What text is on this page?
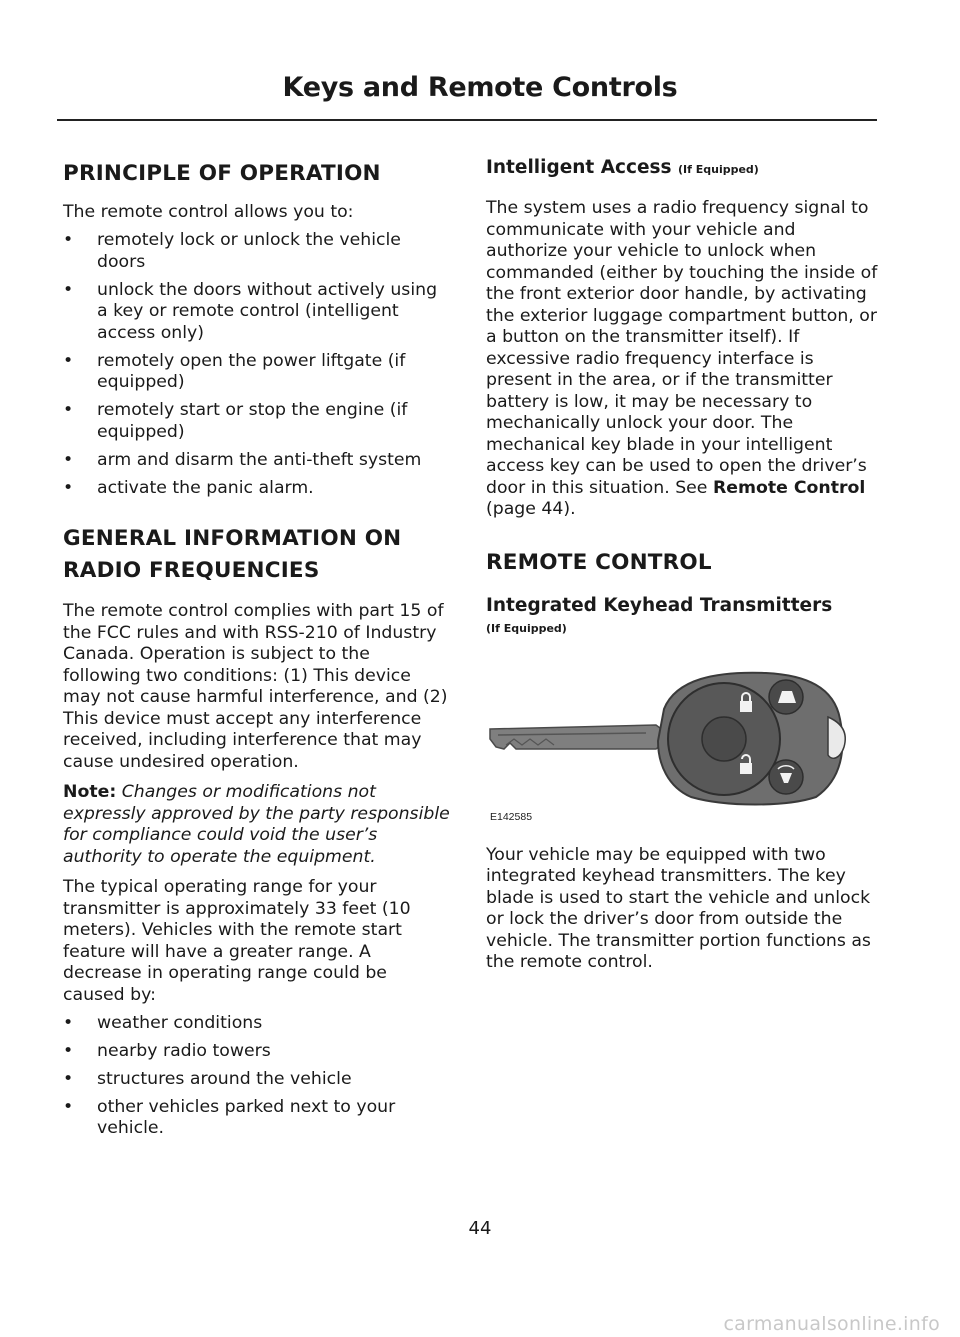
Keys and Remote Controls
PRINCIPLE OF OPERATION

The remote control allows you to:

• remotely lock or unlock the vehicle doors
• unlock the doors without actively using a key or remote control (intelligent access only)
• remotely open the power liftgate (if equipped)
• remotely start or stop the engine (if equipped)
• arm and disarm the anti-theft system
• activate the panic alarm.
GENERAL INFORMATION ON
RADIO FREQUENCIES

The remote control complies with part 15 of the FCC rules and with RSS-210 of Industry Canada. Operation is subject to the following two conditions: (1) This device may not cause harmful interference, and (2) This device must accept any interference received, including interference that may cause undesired operation.

Note: Changes or modifications not expressly approved by the party responsible for compliance could void the user’s authority to operate the equipment.

The typical operating range for your transmitter is approximately 33 feet (10 meters). Vehicles with the remote start feature will have a greater range. A decrease in operating range could be caused by:

• weather conditions
• nearby radio towers
• structures around the vehicle
• other vehicles parked next to your vehicle.
Intelligent Access (If Equipped)

The system uses a radio frequency signal to communicate with your vehicle and authorize your vehicle to unlock when commanded (either by touching the inside of the front exterior door handle, by activating the exterior luggage compartment button, or a button on the transmitter itself). If excessive radio frequency interface is present in the area, or if the transmitter battery is low, it may be necessary to mechanically unlock your door. The mechanical key blade in your intelligent access key can be used to open the driver’s door in this situation. See Remote Control (page 44).

REMOTE CONTROL
Integrated Keyhead Transmitters
(If Equipped)
E142585

Your vehicle may be equipped with two integrated keyhead transmitters. The key blade is used to start the vehicle and unlock or lock the driver’s door from outside the vehicle. The transmitter portion functions as the remote control.

44
carmanualsonline.info
